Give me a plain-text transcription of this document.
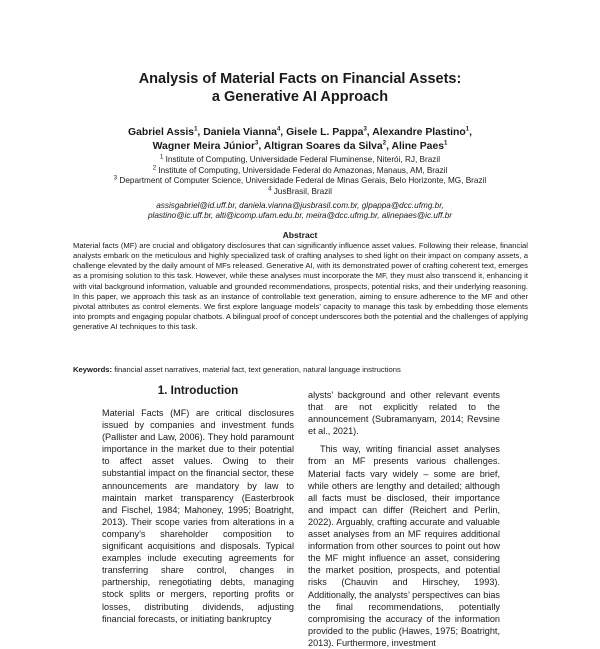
Analysis of Material Facts on Financial Assets:
a Generative AI Approach
Gabriel Assis$^1$, Daniela Vianna$^4$, Gisele L. Pappa$^3$, Alexandre Plastino$^1$,
Wagner Meira Júnior$^3$, Altigran Soares da Silva$^2$, Aline Paes$^1$
$^1$ Institute of Computing, Universidade Federal Fluminense, Niterói, RJ, Brazil
$^2$ Institute of Computing, Universidade Federal do Amazonas, Manaus, AM, Brazil
$^3$ Department of Computer Science, Universidade Federal de Minas Gerais, Belo Horizonte, MG, Brazil
$^4$ JusBrasil, Brazil
assisgabriel@id.uff.br, daniela.vianna@jusbrasil.com.br, glpappa@dcc.ufmg.br,
plastino@ic.uff.br, alti@icomp.ufam.edu.br, meira@dcc.ufmg.br, alinepaes@ic.uff.br
Abstract
Material facts (MF) are crucial and obligatory disclosures that can significantly influence asset values. Following their release, financial analysts embark on the meticulous and highly specialized task of crafting analyses to shed light on their impact on company assets, a challenge elevated by the daily amount of MFs released. Generative AI, with its demonstrated power of crafting coherent text, emerges as a promising solution to this task. However, while these analyses must incorporate the MF, they must also transcend it, enhancing it with vital background information, valuable and grounded recommendations, prospects, potential risks, and their underlying reasoning. In this paper, we approach this task as an instance of controllable text generation, aiming to ensure adherence to the MF and other pivotal attributes as control elements. We first explore language models’ capacity to manage this task by embedding those elements into prompts and engaging popular chatbots. A bilingual proof of concept underscores both the potential and the challenges of applying generative AI techniques to this task.
Keywords: financial asset narratives, material fact, text generation, natural language instructions
1. Introduction

Material Facts (MF) are critical disclosures issued by companies and investment funds (Pallister and Law, 2006). They hold paramount importance in the market due to their potential to affect asset values. Owing to their substantial impact on the financial sector, these announcements are mandatory by law to maintain market transparency (Easterbrook and Fischel, 1984; Mahoney, 1995; Boatright, 2013). Their scope varies from alterations in a company’s shareholder composition to significant acquisitions and disposals. Typical examples include executing agreements for transferring share control, changes in partnership, renegotiating debts, managing stock splits or mergers, reporting profits or losses, distributing dividends, adjusting financial forecasts, or initiating bankruptcy

alysts’ background and other relevant events that are not explicitly related to the announcement (Subramanyam, 2014; Revsine et al., 2021).

This way, writing financial asset analyses from an MF presents various challenges. Material facts vary widely – some are brief, while others are lengthy and detailed; although all facts must be disclosed, their importance and impact can differ (Reichert and Perlin, 2022). Arguably, crafting accurate and valuable asset analyses from an MF requires additional information from other sources to point out how the MF might influence an asset, considering the market position, prospects, and potential risks (Chauvin and Hirschey, 1993). Additionally, the analysts’ perspectives can bias the final recommendations, potentially compromising the accuracy of the information provided to the public (Hawes, 1975; Boatright, 2013). Furthermore, investment
